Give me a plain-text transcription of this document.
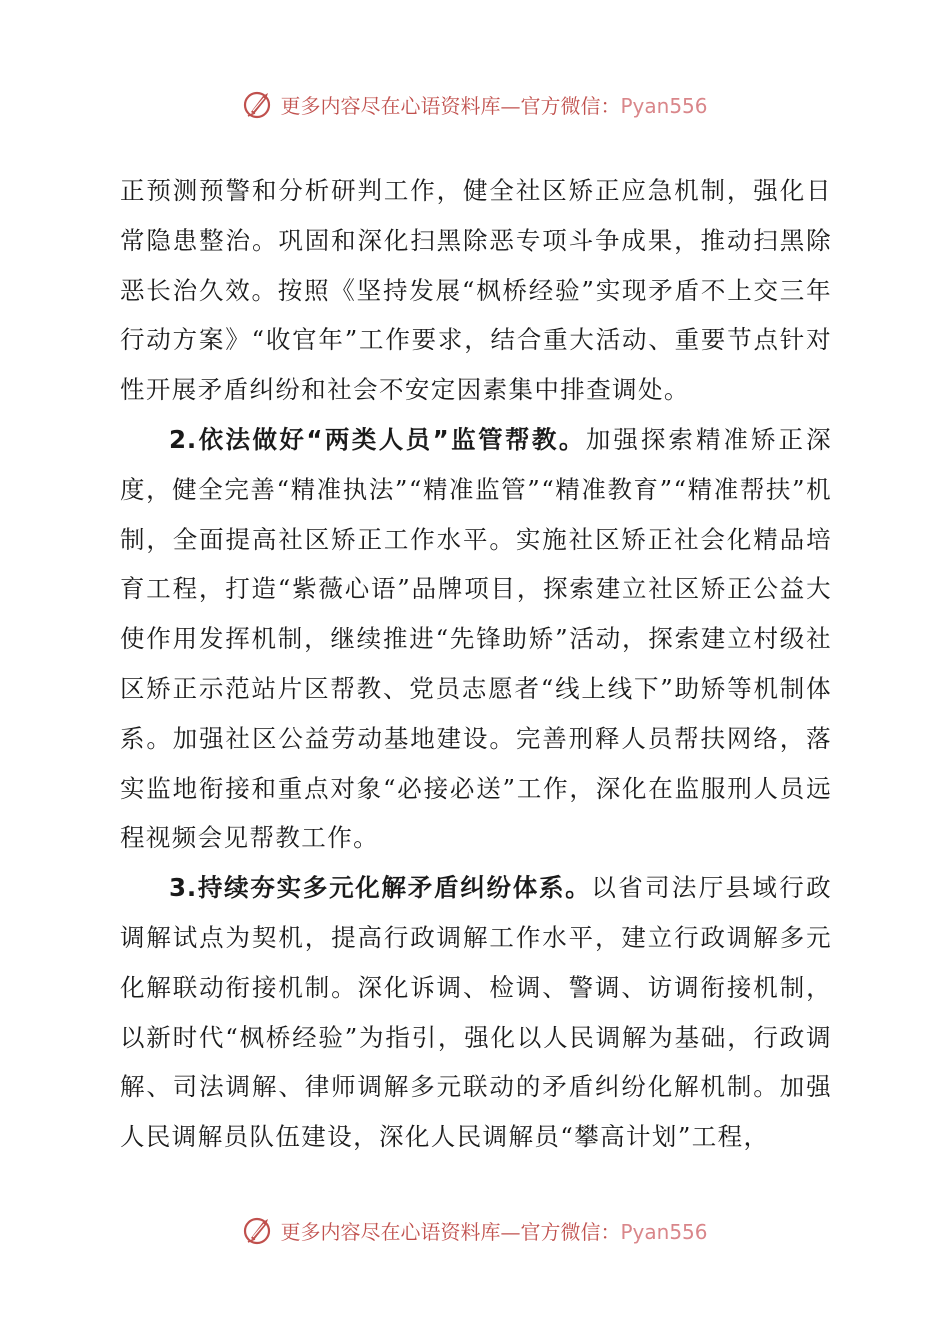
更多内容尽在心语资料库—官方微信：Pyan556

正预测预警和分析研判工作，健全社区矫正应急机制，强化日常隐患整治。巩固和深化扫黑除恶专项斗争成果，推动扫黑除恶长治久效。按照《坚持发展“枫桥经验”实现矛盾不上交三年行动方案》“收官年”工作要求，结合重大活动、重要节点针对性开展矛盾纠纷和社会不安定因素集中排查调处。

2.依法做好“两类人员”监管帮教。加强探索精准矫正深度，健全完善“精准执法”“精准监管”“精准教育”“精准帮扶”机制，全面提高社区矫正工作水平。实施社区矫正社会化精品培育工程，打造“紫薇心语”品牌项目，探索建立社区矫正公益大使作用发挥机制，继续推进“先锋助矫”活动，探索建立村级社区矫正示范站片区帮教、党员志愿者“线上线下”助矫等机制体系。加强社区公益劳动基地建设。完善刑释人员帮扶网络，落实监地衔接和重点对象“必接必送”工作，深化在监服刑人员远程视频会见帮教工作。

3.持续夯实多元化解矛盾纠纷体系。以省司法厅县域行政调解试点为契机，提高行政调解工作水平，建立行政调解多元化解联动衔接机制。深化诉调、检调、警调、访调衔接机制，以新时代“枫桥经验”为指引，强化以人民调解为基础，行政调解、司法调解、律师调解多元联动的矛盾纠纷化解机制。加强人民调解员队伍建设，深化人民调解员“攀高计划”工程，

更多内容尽在心语资料库—官方微信：Pyan556
